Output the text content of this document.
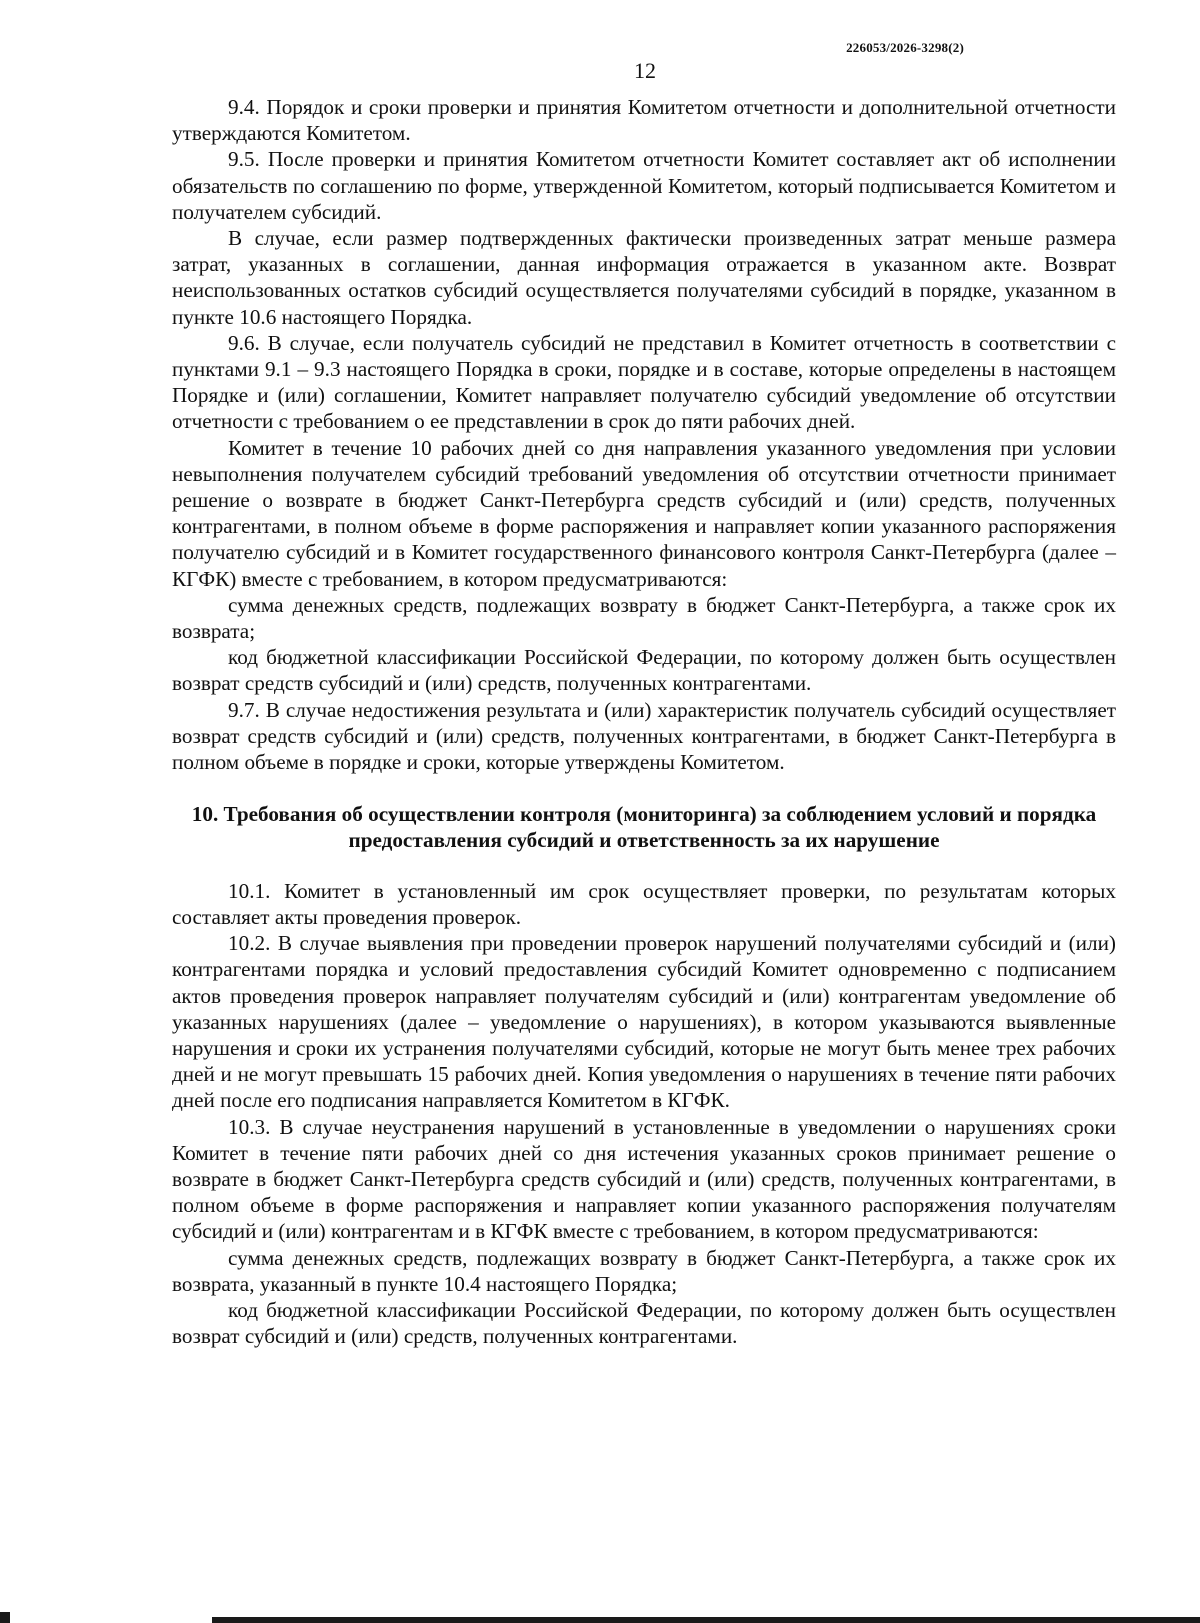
226053/2026-3298(2)
12

9.4. Порядок и сроки проверки и принятия Комитетом отчетности и дополнительной отчетности утверждаются Комитетом.

9.5. После проверки и принятия Комитетом отчетности Комитет составляет акт об исполнении обязательств по соглашению по форме, утвержденной Комитетом, который подписывается Комитетом и получателем субсидий.

В случае, если размер подтвержденных фактически произведенных затрат меньше размера затрат, указанных в соглашении, данная информация отражается в указанном акте. Возврат неиспользованных остатков субсидий осуществляется получателями субсидий в порядке, указанном в пункте 10.6 настоящего Порядка.

9.6. В случае, если получатель субсидий не представил в Комитет отчетность в соответствии с пунктами 9.1 – 9.3 настоящего Порядка в сроки, порядке и в составе, которые определены в настоящем Порядке и (или) соглашении, Комитет направляет получателю субсидий уведомление об отсутствии отчетности с требованием о ее представлении в срок до пяти рабочих дней.

Комитет в течение 10 рабочих дней со дня направления указанного уведомления при условии невыполнения получателем субсидий требований уведомления об отсутствии отчетности принимает решение о возврате в бюджет Санкт-Петербурга средств субсидий и (или) средств, полученных контрагентами, в полном объеме в форме распоряжения и направляет копии указанного распоряжения получателю субсидий и в Комитет государственного финансового контроля Санкт-Петербурга (далее – КГФК) вместе с требованием, в котором предусматриваются:

сумма денежных средств, подлежащих возврату в бюджет Санкт-Петербурга, а также срок их возврата;

код бюджетной классификации Российской Федерации, по которому должен быть осуществлен возврат средств субсидий и (или) средств, полученных контрагентами.

9.7. В случае недостижения результата и (или) характеристик получатель субсидий осуществляет возврат средств субсидий и (или) средств, полученных контрагентами, в бюджет Санкт-Петербурга в полном объеме в порядке и сроки, которые утверждены Комитетом.

10. Требования об осуществлении контроля (мониторинга) за соблюдением условий и порядка предоставления субсидий и ответственность за их нарушение

10.1. Комитет в установленный им срок осуществляет проверки, по результатам которых составляет акты проведения проверок.

10.2. В случае выявления при проведении проверок нарушений получателями субсидий и (или) контрагентами порядка и условий предоставления субсидий Комитет одновременно с подписанием актов проведения проверок направляет получателям субсидий и (или) контрагентам уведомление об указанных нарушениях (далее – уведомление о нарушениях), в котором указываются выявленные нарушения и сроки их устранения получателями субсидий, которые не могут быть менее трех рабочих дней и не могут превышать 15 рабочих дней. Копия уведомления о нарушениях в течение пяти рабочих дней после его подписания направляется Комитетом в КГФК.

10.3. В случае неустранения нарушений в установленные в уведомлении о нарушениях сроки Комитет в течение пяти рабочих дней со дня истечения указанных сроков принимает решение о возврате в бюджет Санкт-Петербурга средств субсидий и (или) средств, полученных контрагентами, в полном объеме в форме распоряжения и направляет копии указанного распоряжения получателям субсидий и (или) контрагентам и в КГФК вместе с требованием, в котором предусматриваются:

сумма денежных средств, подлежащих возврату в бюджет Санкт-Петербурга, а также срок их возврата, указанный в пункте 10.4 настоящего Порядка;

код бюджетной классификации Российской Федерации, по которому должен быть осуществлен возврат субсидий и (или) средств, полученных контрагентами.
